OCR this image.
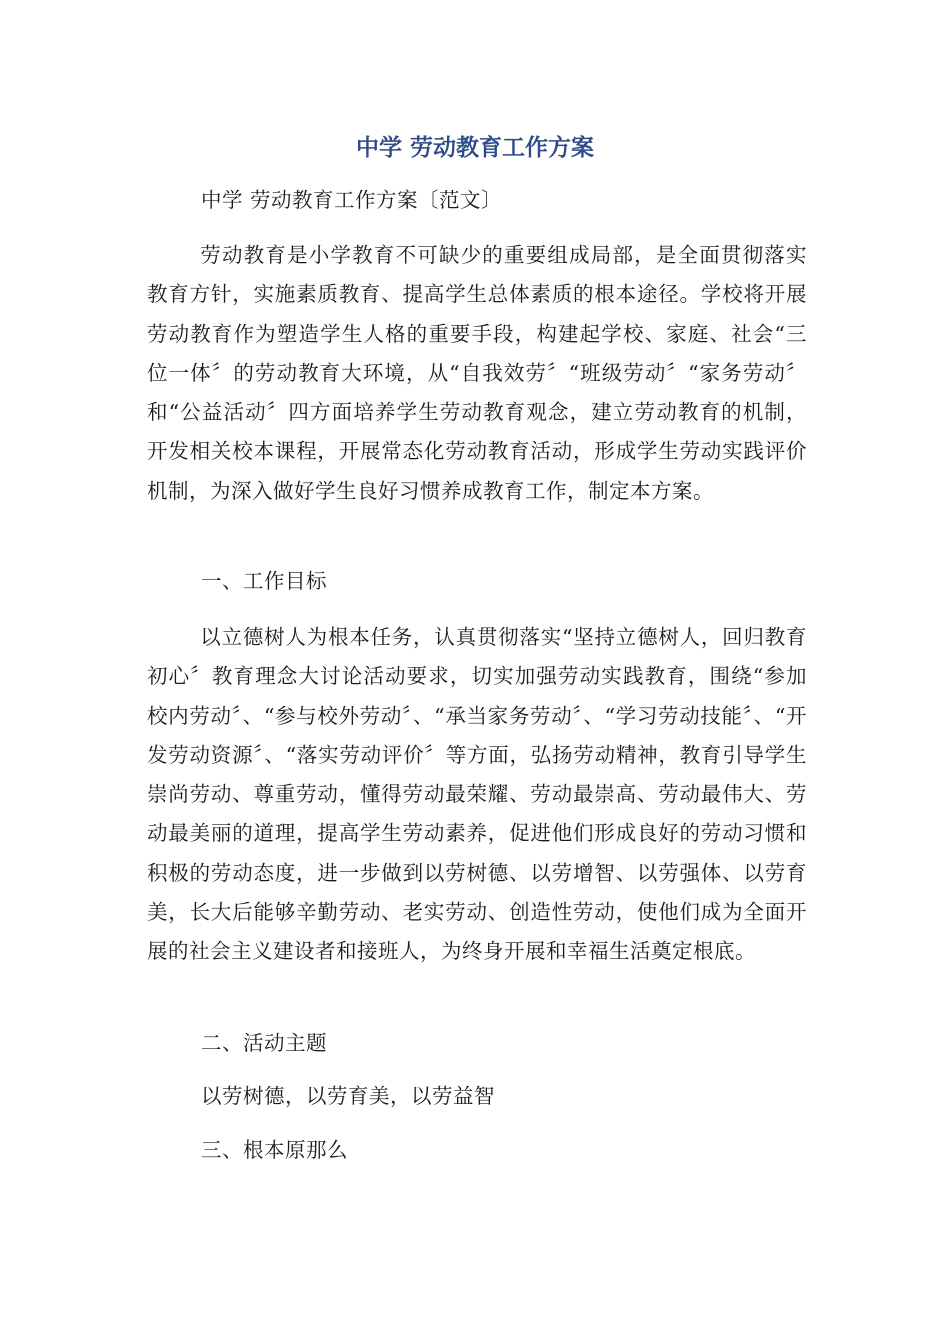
中学 劳动教育工作方案

中学 劳动教育工作方案〔范文〕

劳动教育是小学教育不可缺少的重要组成局部，是全面贯彻落实教育方针，实施素质教育、提高学生总体素质的根本途径。学校将开展劳动教育作为塑造学生人格的重要手段，构建起学校、家庭、社会“三位一体〞的劳动教育大环境，从“自我效劳〞“班级劳动〞“家务劳动〞和“公益活动〞四方面培养学生劳动教育观念，建立劳动教育的机制，开发相关校本课程，开展常态化劳动教育活动，形成学生劳动实践评价机制，为深入做好学生良好习惯养成教育工作，制定本方案。

一、工作目标

以立德树人为根本任务，认真贯彻落实“坚持立德树人，回归教育初心〞教育理念大讨论活动要求，切实加强劳动实践教育，围绕“参加校内劳动〞、“参与校外劳动〞、“承当家务劳动〞、“学习劳动技能〞、“开发劳动资源〞、“落实劳动评价〞等方面，弘扬劳动精神，教育引导学生崇尚劳动、尊重劳动，懂得劳动最荣耀、劳动最崇高、劳动最伟大、劳动最美丽的道理，提高学生劳动素养，促进他们形成良好的劳动习惯和积极的劳动态度，进一步做到以劳树德、以劳增智、以劳强体、以劳育美，长大后能够辛勤劳动、老实劳动、创造性劳动，使他们成为全面开展的社会主义建设者和接班人，为终身开展和幸福生活奠定根底。

二、活动主题

以劳树德，以劳育美，以劳益智

三、根本原那么
